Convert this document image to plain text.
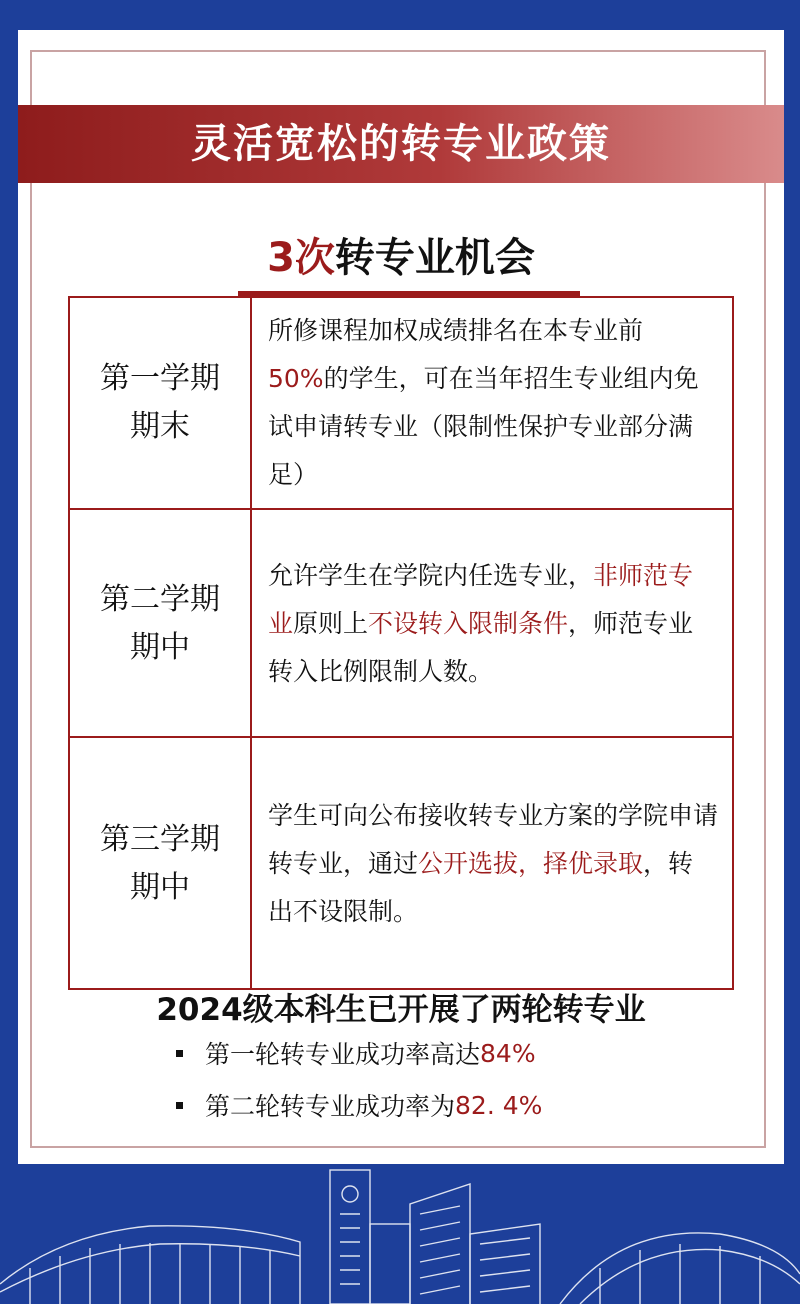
灵活宽松的转专业政策
3次转专业机会
第一学期
期末
所修课程加权成绩排名在本专业前
50%的学生，可在当年招生专业组内免试申请转专业（限制性保护专业部分满足）
第二学期
期中
允许学生在学院内任选专业，非师范专业原则上不设转入限制条件，师范专业转入比例限制人数。
第三学期
期中
学生可向公布接收转专业方案的学院申请转专业，通过公开选拔，择优录取，转出不设限制。
2024级本科生已开展了两轮转专业
第一轮转专业成功率高达 84%
第二轮转专业成功率为 82. 4%
